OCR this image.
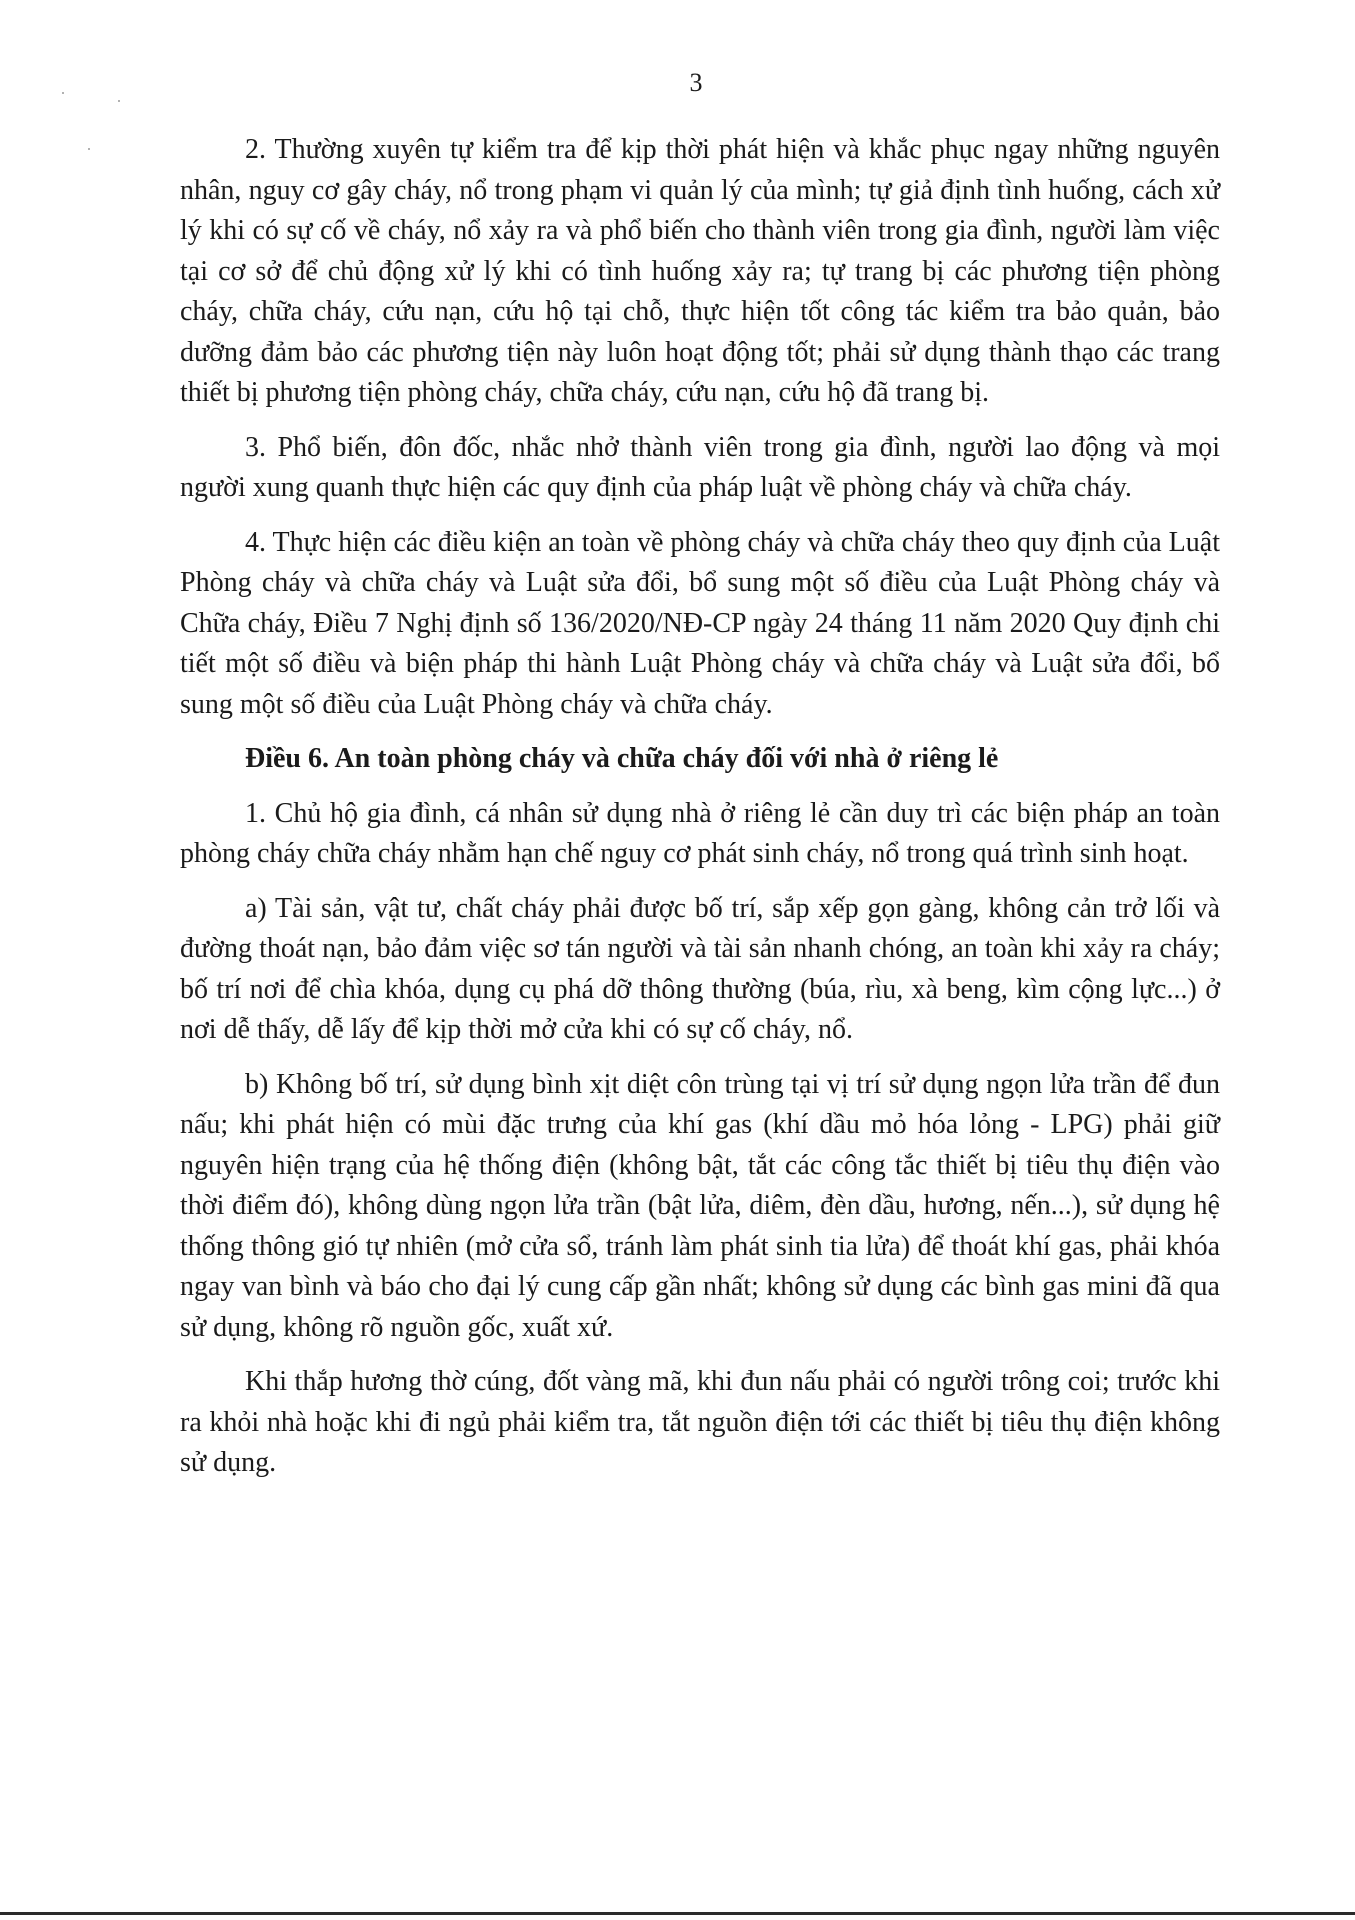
3

2. Thường xuyên tự kiểm tra để kịp thời phát hiện và khắc phục ngay những nguyên nhân, nguy cơ gây cháy, nổ trong phạm vi quản lý của mình; tự giả định tình huống, cách xử lý khi có sự cố về cháy, nổ xảy ra và phổ biến cho thành viên trong gia đình, người làm việc tại cơ sở để chủ động xử lý khi có tình huống xảy ra; tự trang bị các phương tiện phòng cháy, chữa cháy, cứu nạn, cứu hộ tại chỗ, thực hiện tốt công tác kiểm tra bảo quản, bảo dưỡng đảm bảo các phương tiện này luôn hoạt động tốt; phải sử dụng thành thạo các trang thiết bị phương tiện phòng cháy, chữa cháy, cứu nạn, cứu hộ đã trang bị.

3. Phổ biến, đôn đốc, nhắc nhở thành viên trong gia đình, người lao động và mọi người xung quanh thực hiện các quy định của pháp luật về phòng cháy và chữa cháy.

4. Thực hiện các điều kiện an toàn về phòng cháy và chữa cháy theo quy định của Luật Phòng cháy và chữa cháy và Luật sửa đổi, bổ sung một số điều của Luật Phòng cháy và Chữa cháy, Điều 7 Nghị định số 136/2020/NĐ-CP ngày 24 tháng 11 năm 2020 Quy định chi tiết một số điều và biện pháp thi hành Luật Phòng cháy và chữa cháy và Luật sửa đổi, bổ sung một số điều của Luật Phòng cháy và chữa cháy.

Điều 6. An toàn phòng cháy và chữa cháy đối với nhà ở riêng lẻ

1. Chủ hộ gia đình, cá nhân sử dụng nhà ở riêng lẻ cần duy trì các biện pháp an toàn phòng cháy chữa cháy nhằm hạn chế nguy cơ phát sinh cháy, nổ trong quá trình sinh hoạt.

a) Tài sản, vật tư, chất cháy phải được bố trí, sắp xếp gọn gàng, không cản trở lối và đường thoát nạn, bảo đảm việc sơ tán người và tài sản nhanh chóng, an toàn khi xảy ra cháy; bố trí nơi để chìa khóa, dụng cụ phá dỡ thông thường (búa, rìu, xà beng, kìm cộng lực...) ở nơi dễ thấy, dễ lấy để kịp thời mở cửa khi có sự cố cháy, nổ.

b) Không bố trí, sử dụng bình xịt diệt côn trùng tại vị trí sử dụng ngọn lửa trần để đun nấu; khi phát hiện có mùi đặc trưng của khí gas (khí dầu mỏ hóa lỏng - LPG) phải giữ nguyên hiện trạng của hệ thống điện (không bật, tắt các công tắc thiết bị tiêu thụ điện vào thời điểm đó), không dùng ngọn lửa trần (bật lửa, diêm, đèn dầu, hương, nến...), sử dụng hệ thống thông gió tự nhiên (mở cửa sổ, tránh làm phát sinh tia lửa) để thoát khí gas, phải khóa ngay van bình và báo cho đại lý cung cấp gần nhất; không sử dụng các bình gas mini đã qua sử dụng, không rõ nguồn gốc, xuất xứ.

Khi thắp hương thờ cúng, đốt vàng mã, khi đun nấu phải có người trông coi; trước khi ra khỏi nhà hoặc khi đi ngủ phải kiểm tra, tắt nguồn điện tới các thiết bị tiêu thụ điện không sử dụng.
